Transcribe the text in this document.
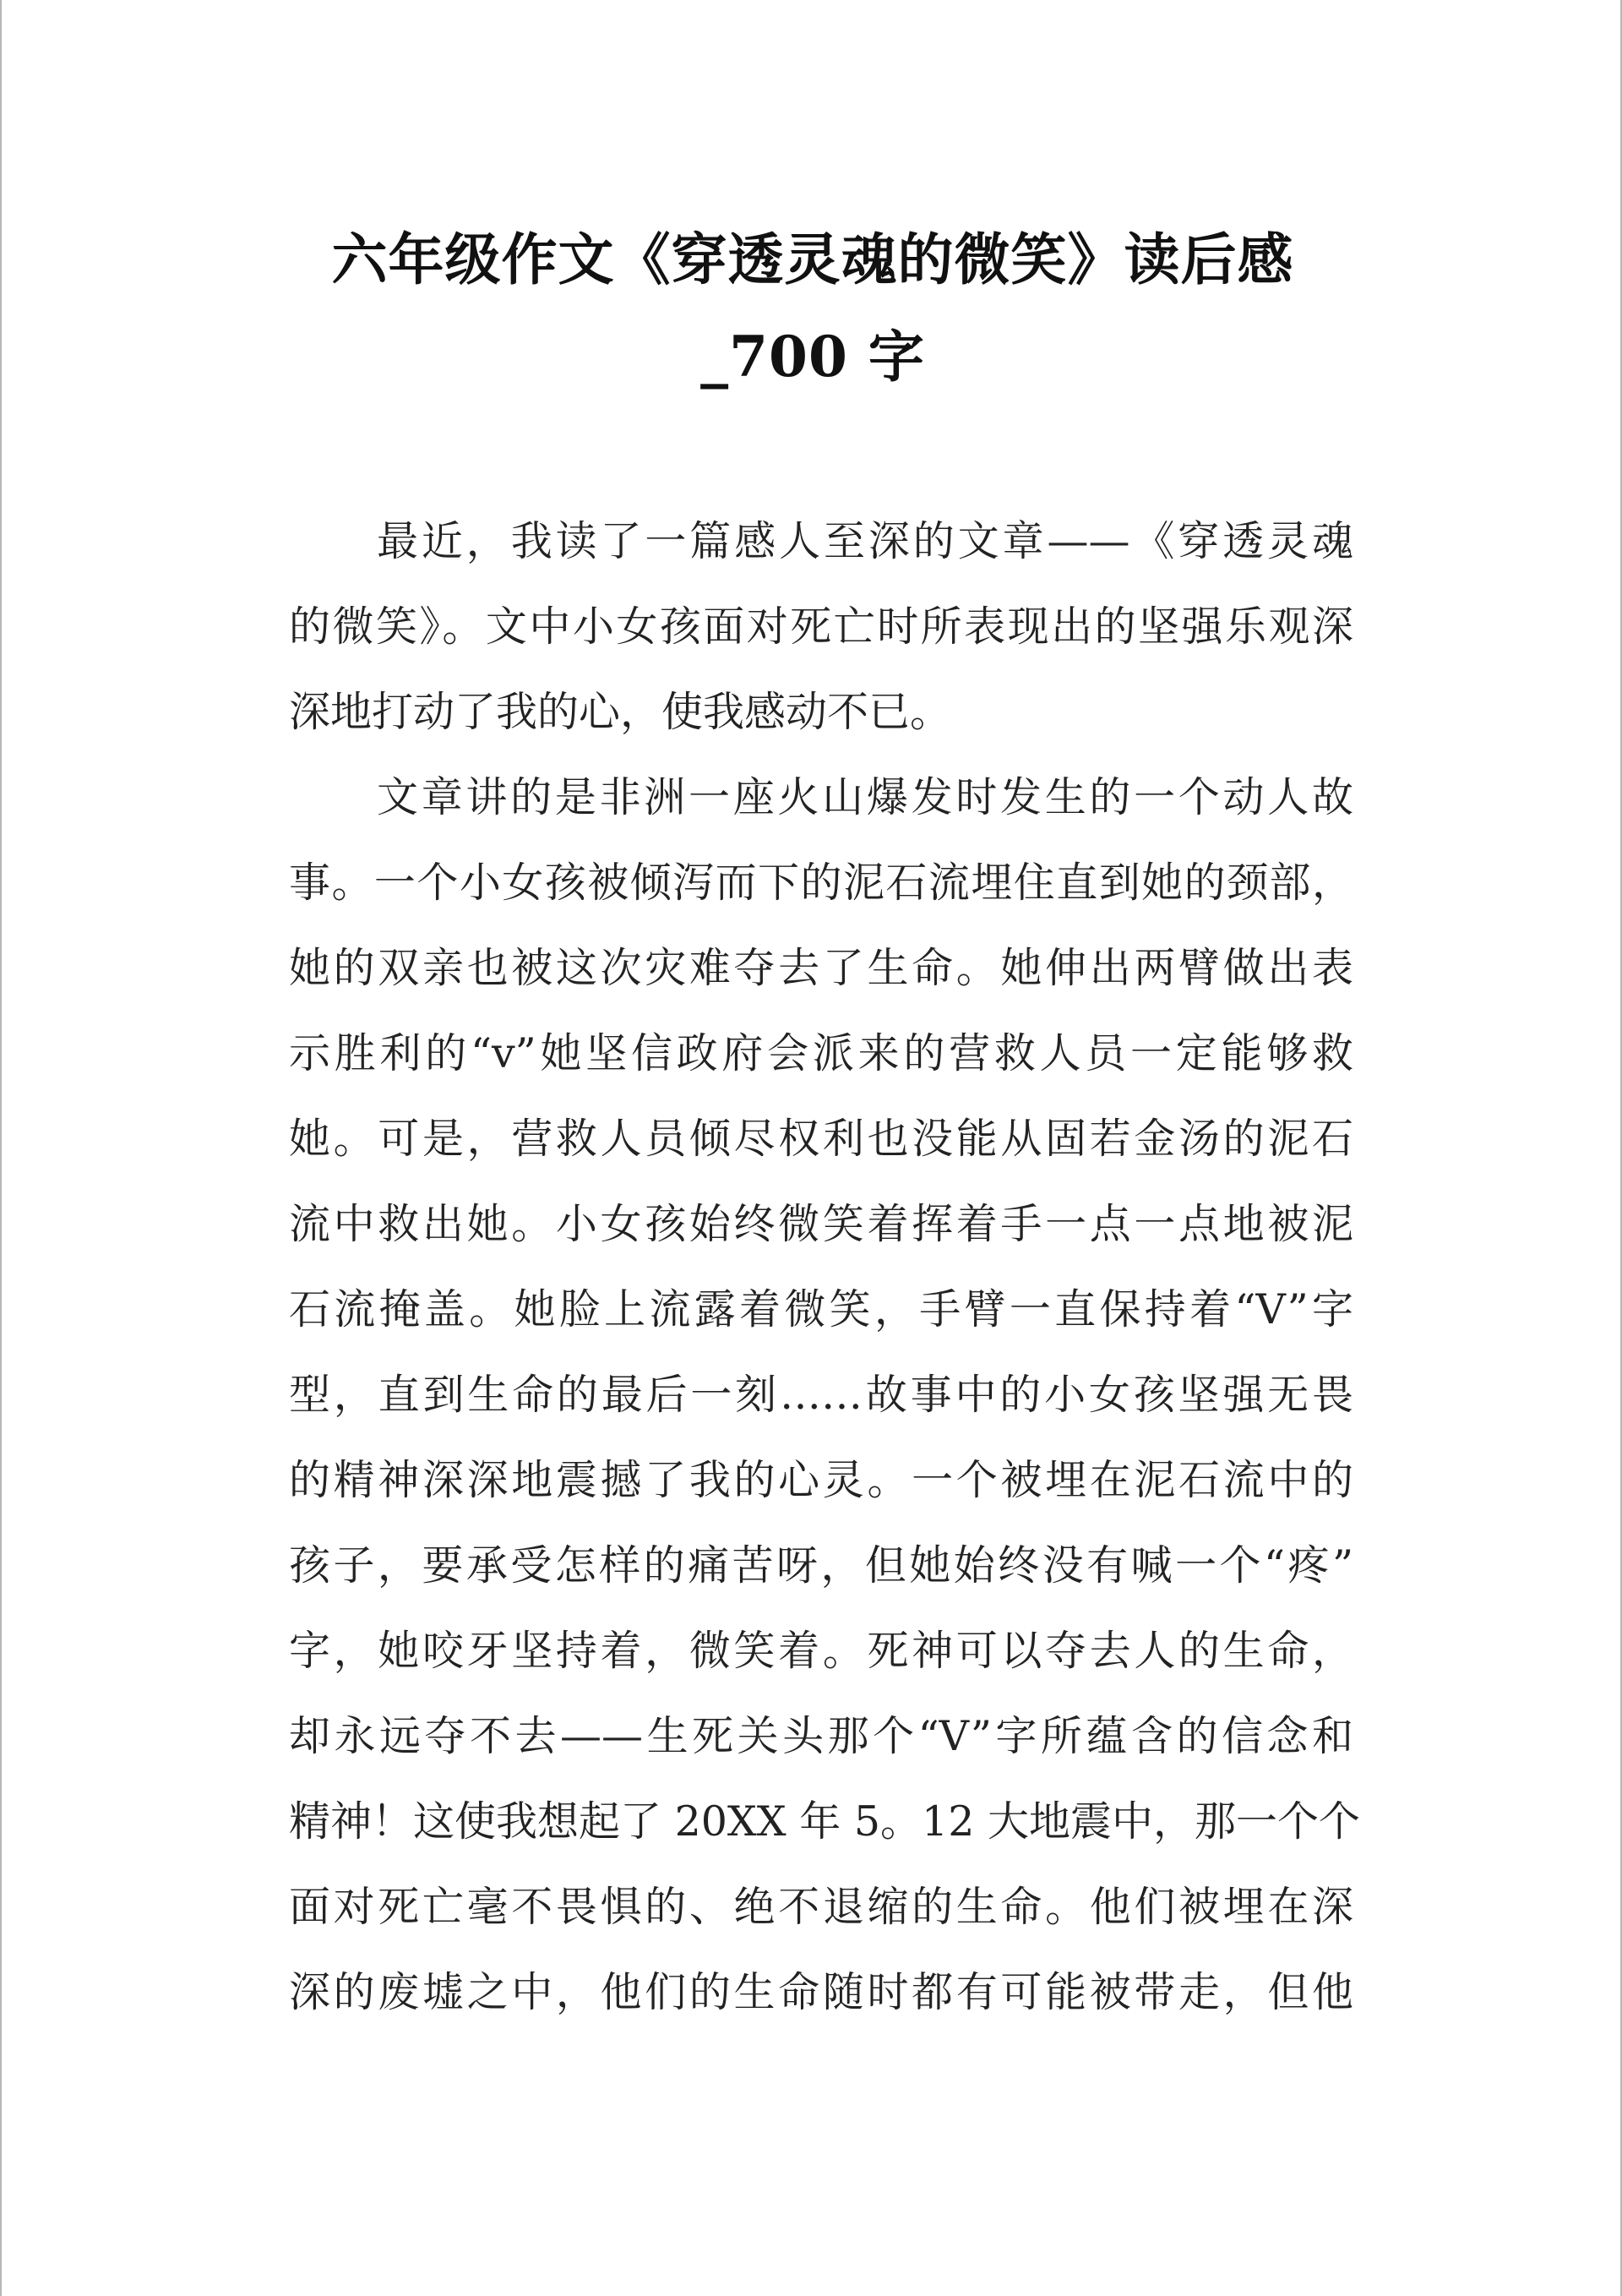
六年级作文《穿透灵魂的微笑》读后感
_700 字

最近，我读了一篇感人至深的文章——《穿透灵魂
的微笑》。文中小女孩面对死亡时所表现出的坚强乐观深
深地打动了我的心，使我感动不已。

文章讲的是非洲一座火山爆发时发生的一个动人故
事。一个小女孩被倾泻而下的泥石流埋住直到她的颈部，
她的双亲也被这次灾难夺去了生命。她伸出两臂做出表
示胜利的“v”她坚信政府会派来的营救人员一定能够救
她。可是，营救人员倾尽权利也没能从固若金汤的泥石
流中救出她。小女孩始终微笑着挥着手一点一点地被泥
石流掩盖。她脸上流露着微笑，手臂一直保持着“V”字
型，直到生命的最后一刻……故事中的小女孩坚强无畏
的精神深深地震撼了我的心灵。一个被埋在泥石流中的
孩子，要承受怎样的痛苦呀，但她始终没有喊一个“疼”
字，她咬牙坚持着，微笑着。死神可以夺去人的生命，
却永远夺不去——生死关头那个“V”字所蕴含的信念和
精神！这使我想起了 20XX 年 5。12 大地震中，那一个个
面对死亡毫不畏惧的、绝不退缩的生命。他们被埋在深
深的废墟之中，他们的生命随时都有可能被带走，但他
